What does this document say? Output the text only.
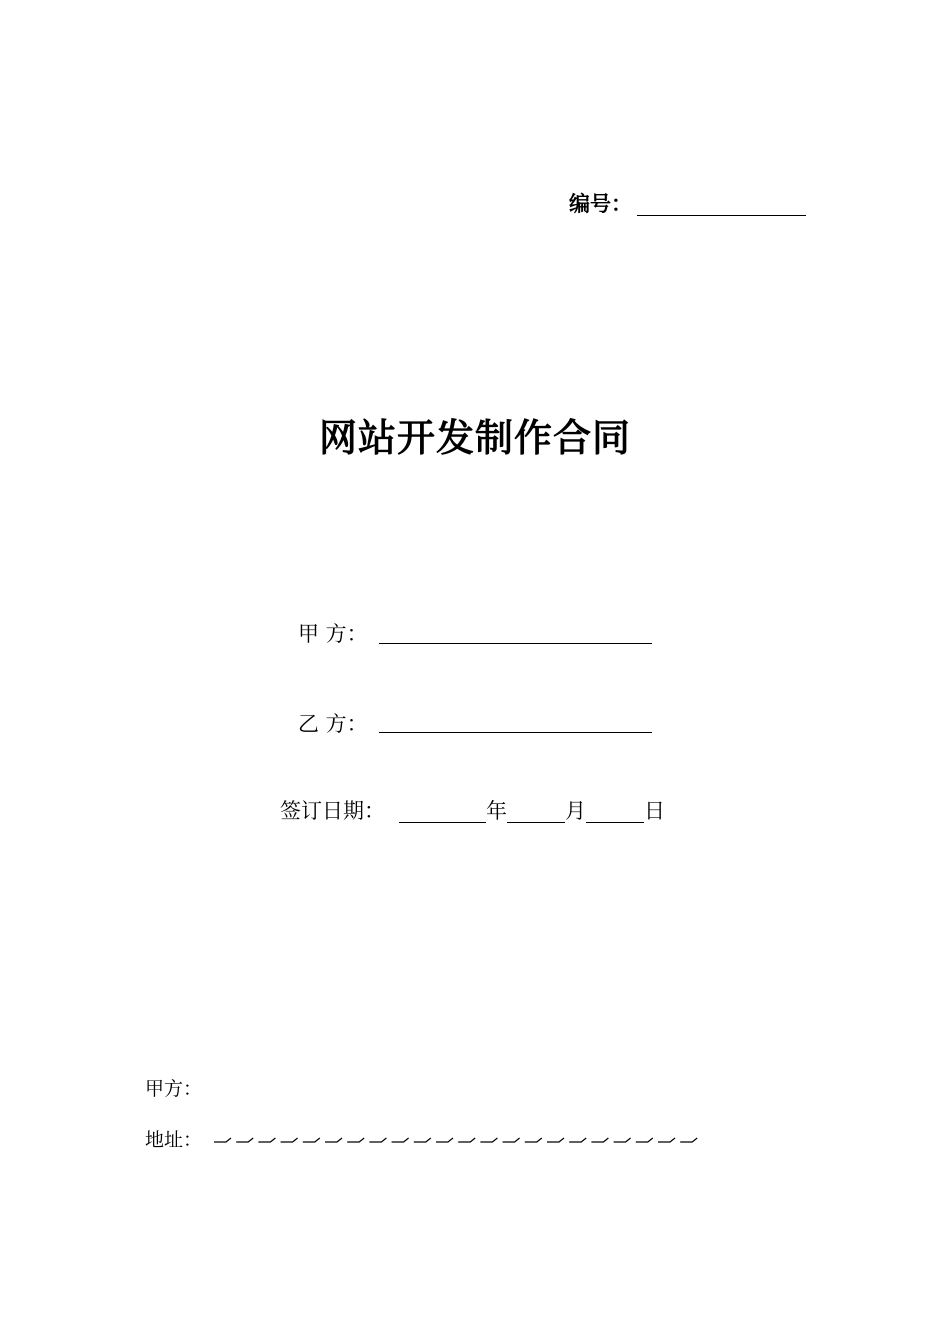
编号：
网站开发制作合同
甲 方：
乙 方：
签订日期：	年	月	日
甲方：
地址：
